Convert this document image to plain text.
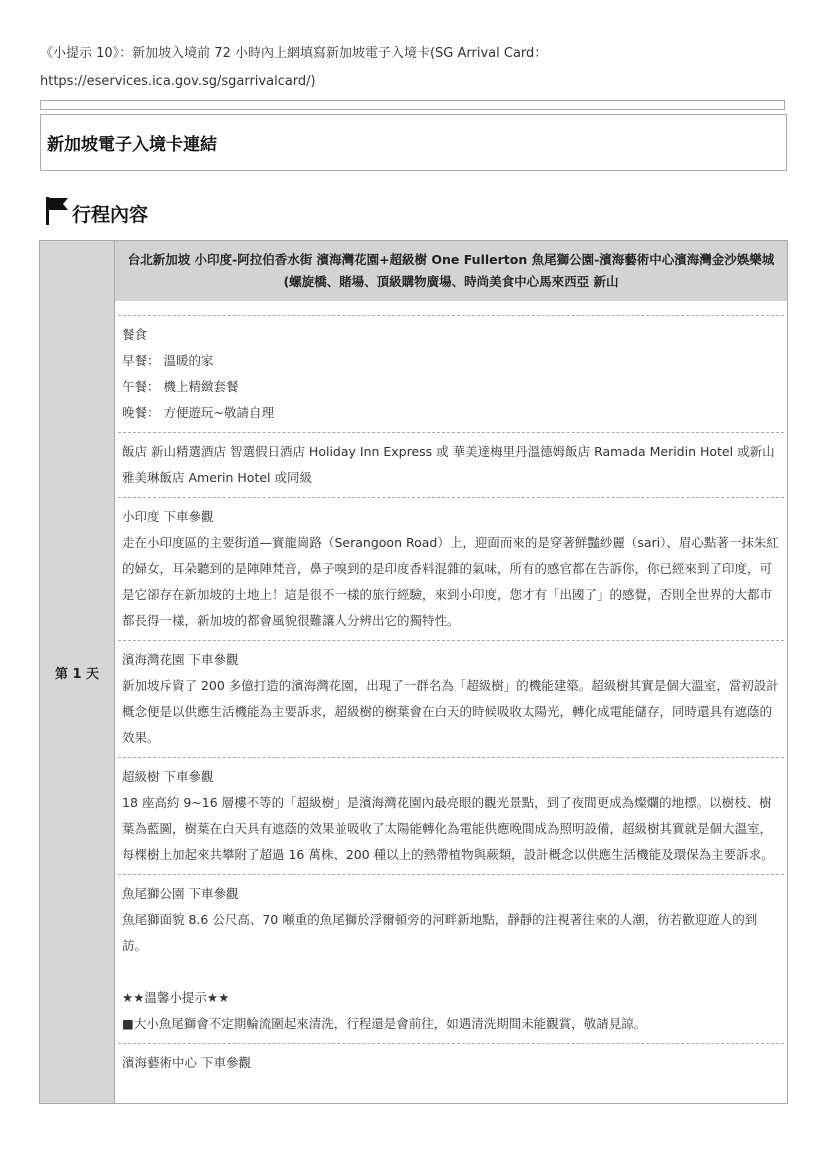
《小提示 10》：新加坡入境前 72 小時內上網填寫新加坡電子入境卡(SG Arrival Card：

https://eservices.ica.gov.sg/sgarrivalcard/)

新加坡電子入境卡連結
行程內容
第 1 天
台北新加坡 小印度-阿拉伯香水街 濱海灣花園+超級樹 One Fullerton 魚尾獅公園-濱海藝術中心濱海灣金沙娛樂城(螺旋橋、賭場、頂級購物廣場、時尚美食中心馬來西亞 新山

餐食

早餐： 溫暖的家

午餐： 機上精緻套餐

晚餐： 方便遊玩~敬請自理

飯店 新山精選酒店 智選假日酒店 Holiday Inn Express 或 華美達梅里丹溫德姆飯店 Ramada Meridin Hotel 或新山雅美琳飯店 Amerin Hotel 或同級

小印度 下車參觀

走在小印度區的主要街道—實龍崗路（Serangoon Road）上，迎面而來的是穿著鮮豔紗麗（sari）、眉心點著一抹朱紅的婦女，耳朵聽到的是陣陣梵音，鼻子嗅到的是印度香料混雜的氣味，所有的感官都在告訴你，你已經來到了印度，可是它卻存在新加坡的土地上！這是很不一樣的旅行經驗，來到小印度，您才有「出國了」的感覺，否則全世界的大都市都長得一樣，新加坡的都會風貌很難讓人分辨出它的獨特性。

濱海灣花園 下車參觀

新加坡斥資了 200 多億打造的濱海灣花園，出現了一群名為「超級樹」的機能建築。超級樹其實是個大溫室，當初設計概念便是以供應生活機能為主要訴求，超級樹的樹葉會在白天的時候吸收太陽光，轉化成電能儲存，同時還具有遮蔭的效果。

超級樹 下車參觀

18 座高約 9~16 層樓不等的「超級樹」是濱海灣花園內最亮眼的觀光景點，到了夜間更成為燦爛的地標。以樹枝、樹葉為藍圖，樹葉在白天具有遮蔭的效果並吸收了太陽能轉化為電能供應晚間成為照明設備，超級樹其實就是個大溫室，每棵樹上加起來共攀附了超過 16 萬株、200 種以上的熱帶植物與蕨類，設計概念以供應生活機能及環保為主要訴求。

魚尾獅公園 下車參觀

魚尾獅面貌 8.6 公尺高、70 噸重的魚尾獅於浮爾頓旁的河畔新地點，靜靜的注視著往來的人潮，彷若歡迎遊人的到訪。

★★溫馨小提示★★

■大小魚尾獅會不定期輪流圍起來清洗，行程還是會前往，如遇清洗期間未能觀賞，敬請見諒。

濱海藝術中心 下車參觀
